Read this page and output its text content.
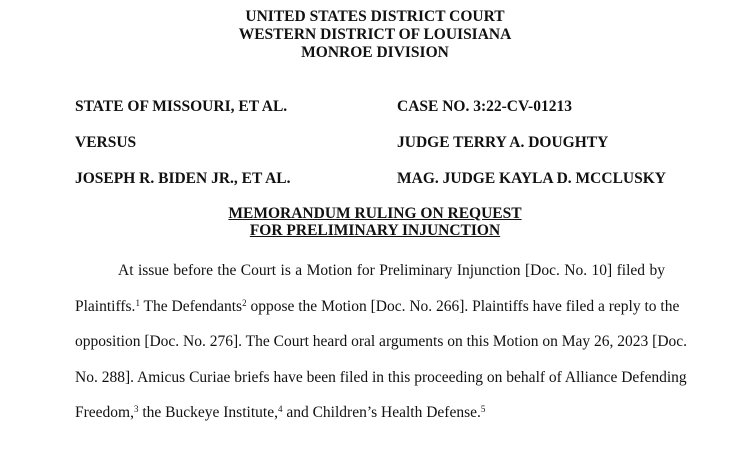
UNITED STATES DISTRICT COURT
WESTERN DISTRICT OF LOUISIANA
MONROE DIVISION
STATE OF MISSOURI, ET AL.	CASE NO. 3:22-CV-01213
VERSUS	JUDGE TERRY A. DOUGHTY
JOSEPH R. BIDEN JR., ET AL.	MAG. JUDGE KAYLA D. MCCLUSKY
MEMORANDUM RULING ON REQUEST
FOR PRELIMINARY INJUNCTION
At issue before the Court is a Motion for Preliminary Injunction [Doc. No. 10] filed by
Plaintiffs.$^1$ The Defendants$^2$ oppose the Motion [Doc. No. 266]. Plaintiffs have filed a reply to the
opposition [Doc. No. 276]. The Court heard oral arguments on this Motion on May 26, 2023 [Doc.
No. 288]. Amicus Curiae briefs have been filed in this proceeding on behalf of Alliance Defending
Freedom,$^3$ the Buckeye Institute,$^4$ and Children’s Health Defense.$^5$
